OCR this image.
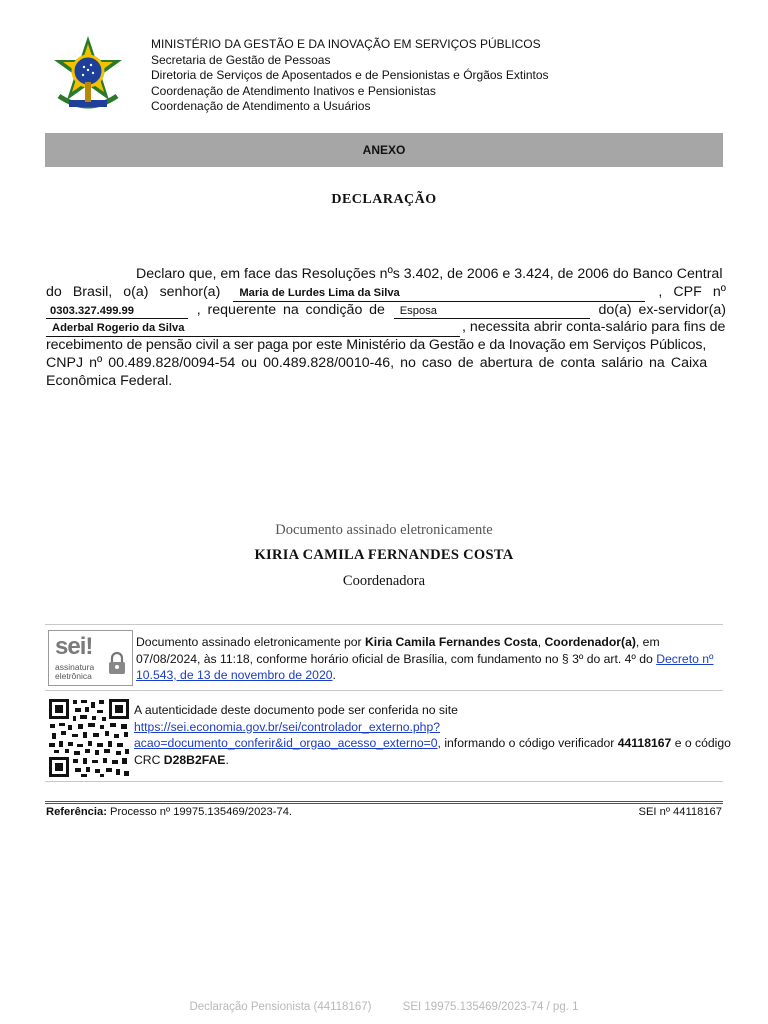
MINISTÉRIO DA GESTÃO E DA INOVAÇÃO EM SERVIÇOS PÚBLICOS
Secretaria de Gestão de Pessoas
Diretoria de Serviços de Aposentados e de Pensionistas e Órgãos Extintos
Coordenação de Atendimento Inativos e Pensionistas
Coordenação de Atendimento a Usuários
ANEXO
DECLARAÇÃO
Declaro que, em face das Resoluções nºs 3.402, de 2006 e 3.424, de 2006 do Banco Central
do Brasil, o(a) senhor(a) Maria de Lurdes Lima da Silva	, CPF nº
0303.327.499.99	, requerente na condição de Esposa	do(a) ex-servidor(a)
Aderbal Rogerio da Silva	, necessita abrir conta-salário para fins de
recebimento de pensão civil a ser paga por este Ministério da Gestão e da Inovação em Serviços Públicos,
CNPJ nº 00.489.828/0094-54 ou 00.489.828/0010-46, no caso de abertura de conta salário na Caixa
Econômica Federal.
Documento assinado eletronicamente
KIRIA CAMILA FERNANDES COSTA
Coordenadora
sei!
assinatura
eletrônica
Documento assinado eletronicamente por Kiria Camila Fernandes Costa, Coordenador(a), em 07/08/2024, às 11:18, conforme horário oficial de Brasília, com fundamento no § 3º do art. 4º do Decreto nº 10.543, de 13 de novembro de 2020.
A autenticidade deste documento pode ser conferida no site
https://sei.economia.gov.br/sei/controlador_externo.php?
acao=documento_conferir&id_orgao_acesso_externo=0, informando o código verificador 44118167 e o código CRC D28B2FAE.
Referência: Processo nº 19975.135469/2023-74.	SEI nº 44118167
Declaração Pensionista (44118167)	SEI 19975.135469/2023-74 / pg. 1
